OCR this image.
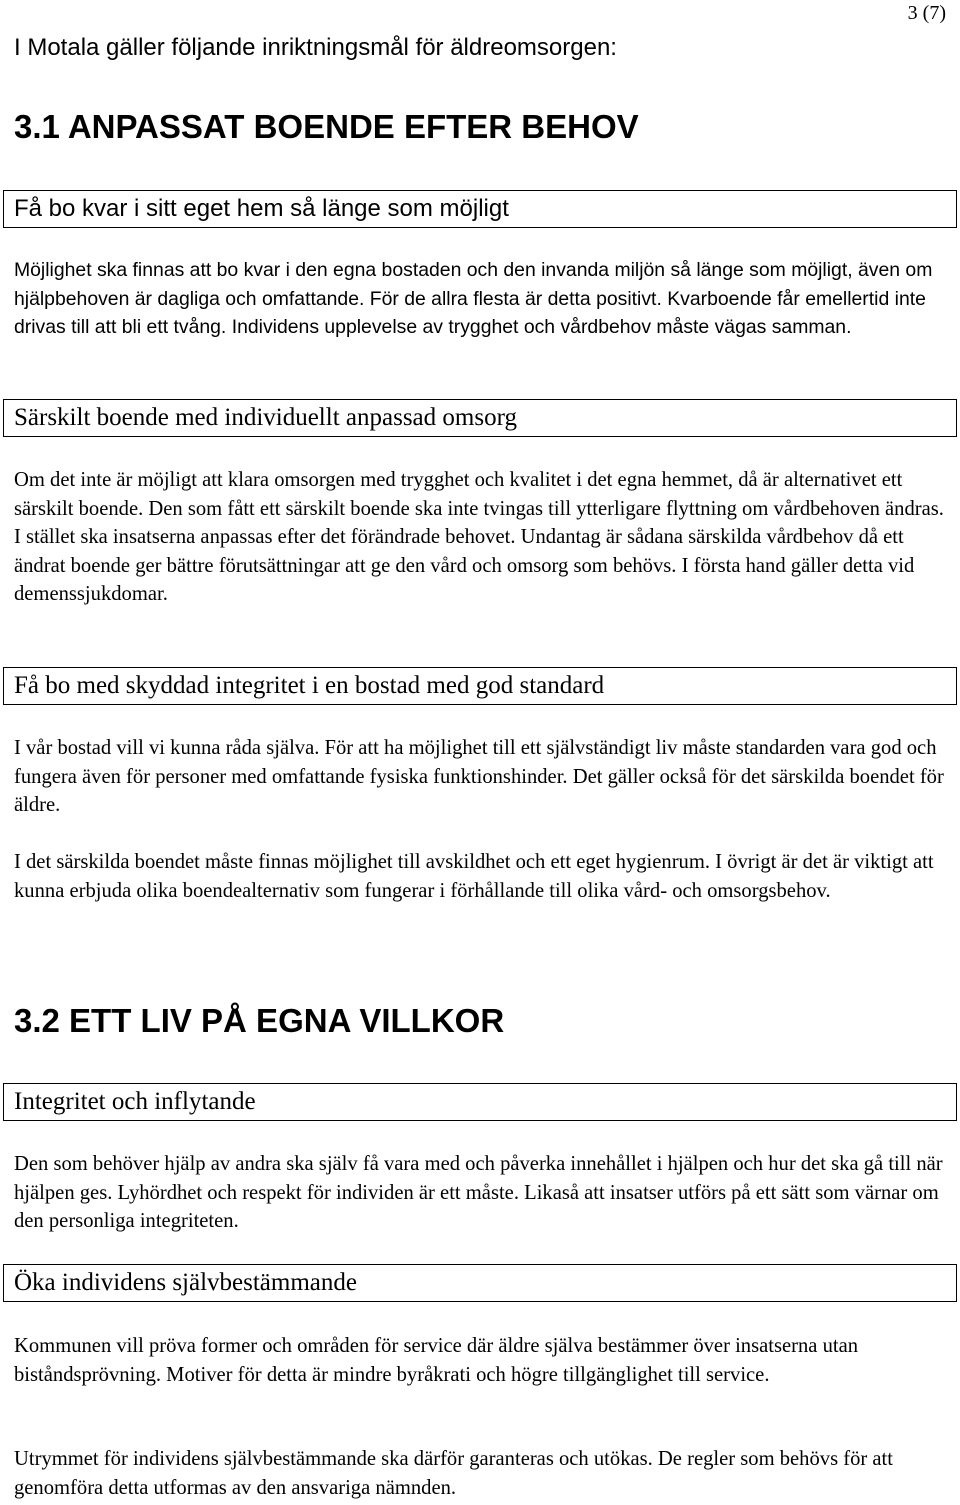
3 (7)
I Motala gäller följande inriktningsmål för äldreomsorgen:
3.1 ANPASSAT BOENDE EFTER BEHOV
Få bo kvar i sitt eget hem så länge som möjligt

Möjlighet ska finnas att bo kvar i den egna bostaden och den invanda miljön så länge som möjligt, även om hjälpbehoven är dagliga och omfattande. För de allra flesta är detta positivt. Kvarboende får emellertid inte drivas till att bli ett tvång. Individens upplevelse av trygghet och vårdbehov måste vägas samman.

Särskilt boende med individuellt anpassad omsorg

Om det inte är möjligt att klara omsorgen med trygghet och kvalitet i det egna hemmet, då är alternativet ett särskilt boende. Den som fått ett särskilt boende ska inte tvingas till ytterligare flyttning om vårdbehoven ändras. I stället ska insatserna anpassas efter det förändrade behovet. Undantag är sådana särskilda vårdbehov då ett ändrat boende ger bättre förutsättningar att ge den vård och omsorg som behövs. I första hand gäller detta vid demenssjukdomar.

Få bo med skyddad integritet i en bostad med god standard

I vår bostad vill vi kunna råda själva. För att ha möjlighet till ett självständigt liv måste standarden vara god och fungera även för personer med omfattande fysiska funktionshinder. Det gäller också för det särskilda boendet för äldre.

I det särskilda boendet måste finnas möjlighet till avskildhet och ett eget hygienrum. I övrigt är det är viktigt att kunna erbjuda olika boendealternativ som fungerar i förhållande till olika vård- och omsorgsbehov.

3.2 ETT LIV PÅ EGNA VILLKOR
Integritet och inflytande

Den som behöver hjälp av andra ska själv få vara med och påverka innehållet i hjälpen och hur det ska gå till när hjälpen ges. Lyhördhet och respekt för individen är ett måste. Likaså att insatser utförs på ett sätt som värnar om den personliga integriteten.

Öka individens självbestämmande

Kommunen vill pröva former och områden för service där äldre själva bestämmer över insatserna utan biståndsprövning. Motiver för detta är mindre byråkrati och högre tillgänglighet till service.

Utrymmet för individens självbestämmande ska därför garanteras och utökas. De regler som behövs för att genomföra detta utformas av den ansvariga nämnden.
